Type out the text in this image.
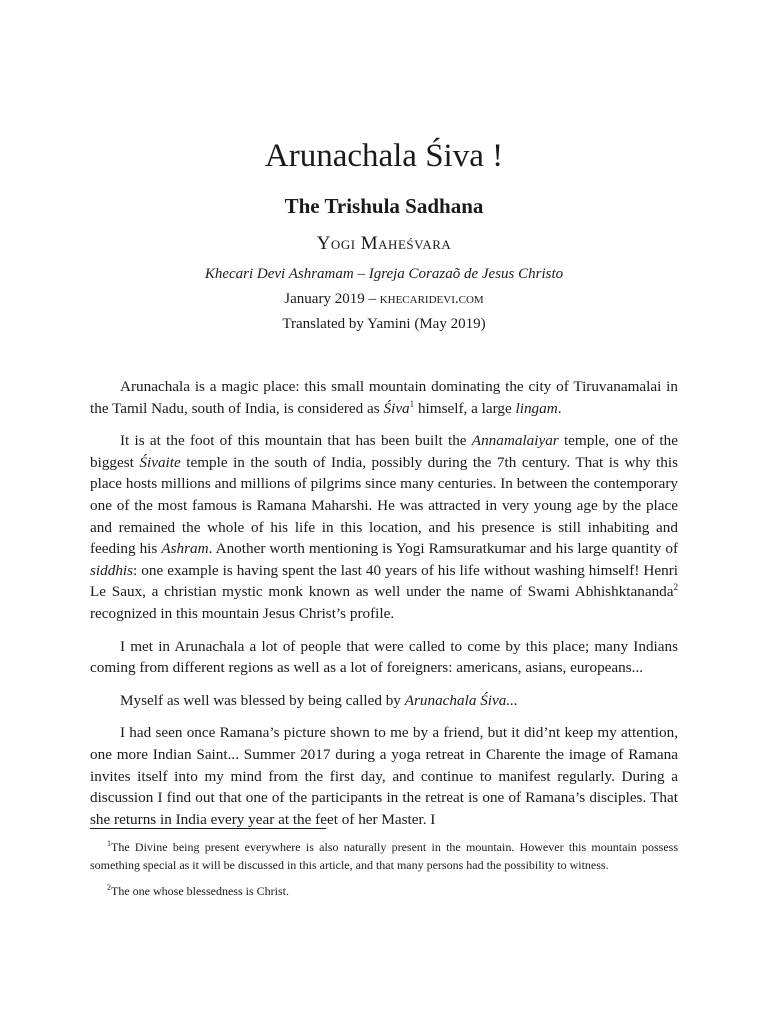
Arunachala Śiva !
The Trishula Sadhana
Yogi Maheśvara
Khecari Devi Ashramam – Igreja Corazaõ de Jesus Christo
January 2019 – khecaridevi.com
Translated by Yamini (May 2019)

Arunachala is a magic place: this small mountain dominating the city of Tiruvanamalai in the Tamil Nadu, south of India, is considered as Śiva$^1$ himself, a large lingam.

It is at the foot of this mountain that has been built the Annamalaiyar temple, one of the biggest Śivaite temple in the south of India, possibly during the 7th century. That is why this place hosts millions and millions of pilgrims since many centuries. In between the contemporary one of the most famous is Ramana Maharshi. He was attracted in very young age by the place and remained the whole of his life in this location, and his presence is still inhabiting and feeding his Ashram. Another worth mentioning is Yogi Ramsuratkumar and his large quantity of siddhis: one example is having spent the last 40 years of his life without washing himself! Henri Le Saux, a christian mystic monk known as well under the name of Swami Abhishktananda$^2$ recognized in this mountain Jesus Christ’s profile.

I met in Arunachala a lot of people that were called to come by this place; many Indians coming from different regions as well as a lot of foreigners: americans, asians, europeans...

Myself as well was blessed by being called by Arunachala Śiva...

I had seen once Ramana’s picture shown to me by a friend, but it did’nt keep my attention, one more Indian Saint... Summer 2017 during a yoga retreat in Charente the image of Ramana invites itself into my mind from the first day, and continue to manifest regularly. During a discussion I find out that one of the participants in the retreat is one of Ramana’s disciples. That she returns in India every year at the feet of her Master. I

$^1$The Divine being present everywhere is also naturally present in the mountain. However this mountain possess something special as it will be discussed in this article, and that many persons had the possibility to witness.

$^2$The one whose blessedness is Christ.
